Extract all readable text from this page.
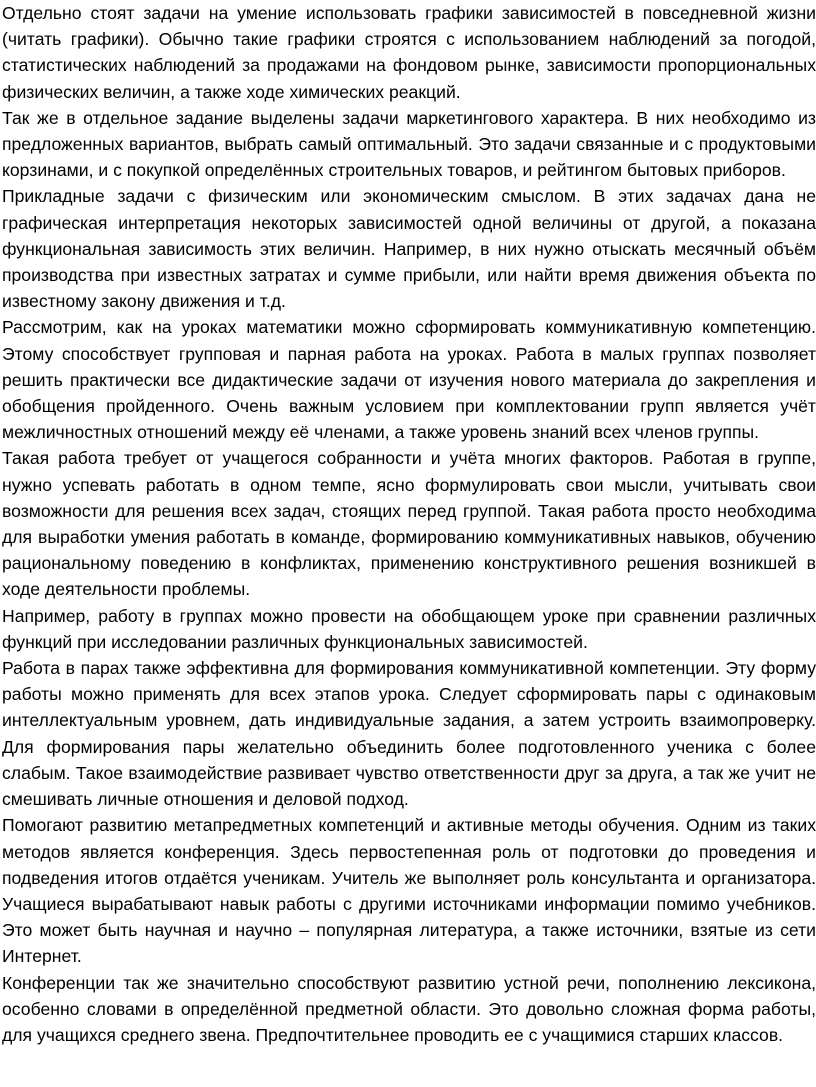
Отдельно стоят задачи на умение использовать графики зависимостей в повседневной жизни (читать графики). Обычно такие графики строятся с использованием наблюдений за погодой, статистических наблюдений за продажами на фондовом рынке, зависимости пропорциональных физических величин, а также ходе химических реакций.

Так же в отдельное задание выделены задачи маркетингового характера. В них необходимо из предложенных вариантов, выбрать самый оптимальный. Это задачи связанные и с продуктовыми корзинами, и с покупкой определённых строительных товаров, и рейтингом бытовых приборов.

Прикладные задачи с физическим или экономическим смыслом. В этих задачах дана не графическая интерпретация некоторых зависимостей одной величины от другой, а показана функциональная зависимость этих величин. Например, в них нужно отыскать месячный объём производства при известных затратах и сумме прибыли, или найти время движения объекта по известному закону движения и т.д.

Рассмотрим, как на уроках математики можно сформировать коммуникативную компетенцию. Этому способствует групповая и парная работа на уроках. Работа в малых группах позволяет решить практически все дидактические задачи от изучения нового материала до закрепления и обобщения пройденного. Очень важным условием при комплектовании групп является учёт межличностных отношений между её членами, а также уровень знаний всех членов группы.

Такая работа требует от учащегося собранности и учёта многих факторов. Работая в группе, нужно успевать работать в одном темпе, ясно формулировать свои мысли, учитывать свои возможности для решения всех задач, стоящих перед группой. Такая работа просто необходима для выработки умения работать в команде, формированию коммуникативных навыков, обучению рациональному поведению в конфликтах, применению конструктивного решения возникшей в ходе деятельности проблемы.

Например, работу в группах можно провести на обобщающем уроке при сравнении различных функций при исследовании различных функциональных зависимостей.

Работа в парах также эффективна для формирования коммуникативной компетенции. Эту форму работы можно применять для всех этапов урока. Следует сформировать пары с одинаковым интеллектуальным уровнем, дать индивидуальные задания, а затем устроить взаимопроверку. Для формирования пары желательно объединить более подготовленного ученика с более слабым. Такое взаимодействие развивает чувство ответственности друг за друга, а так же учит не смешивать личные отношения и деловой подход.

Помогают развитию метапредметных компетенций и активные методы обучения. Одним из таких методов является конференция. Здесь первостепенная роль от подготовки до проведения и подведения итогов отдаётся ученикам. Учитель же выполняет роль консультанта и организатора. Учащиеся вырабатывают навык работы с другими источниками информации помимо учебников. Это может быть научная и научно – популярная литература, а также источники, взятые из сети Интернет.

Конференции так же значительно способствуют развитию устной речи, пополнению лексикона, особенно словами в определённой предметной области. Это довольно сложная форма работы, для учащихся среднего звена. Предпочтительнее проводить ее с учащимися старших классов.
